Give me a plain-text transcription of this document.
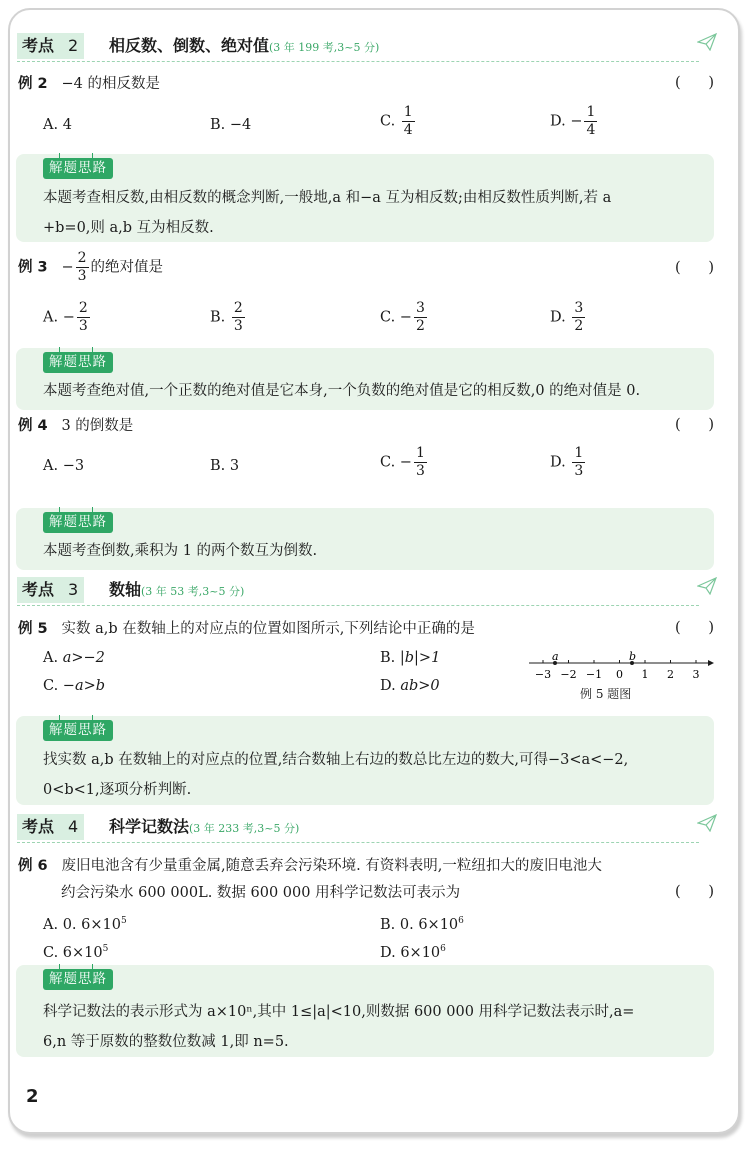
考点 2	相反数、倒数、绝对值(3 年 199 考,3~5 分)
例 2 −4 的相反数是	(      )
A. 4	B. −4	C. $\frac{1}{4}$	D. − $\frac{1}{4}$
解题思路
本题考查相反数,由相反数的概念判断,一般地,a 和−a 互为相反数;由相反数性质判断,若 a
+b=0,则 a,b 互为相反数.
例 $3 - \frac{2}{3}$ 的绝对值是	(      )
A. − $\frac{2}{3}$	B. $\frac{2}{3}$	C. − $\frac{3}{2}$	D. $\frac{3}{2}$
解题思路
本题考查绝对值,一个正数的绝对值是它本身,一个负数的绝对值是它的相反数,0 的绝对值是 0.
例 4 3 的倒数是	(      )
A. −3	B. 3	C. − $\frac{1}{3}$	D. $\frac{1}{3}$
解题思路
本题考查倒数,乘积为 1 的两个数互为倒数.
考点 3	数轴(3 年 53 考,3~5 分)
例 5 实数 a,b 在数轴上的对应点的位置如图所示,下列结论中正确的是	(      )
A. a>−2	B. |b|>1
C. −a>b	D. ab>0
−3 −2 −1 0 1 2 3
a	b
例 5 题图
解题思路
找实数 a,b 在数轴上的对应点的位置,结合数轴上右边的数总比左边的数大,可得−3<a<−2,
0<b<1,逐项分析判断.
考点 4	科学记数法(3 年 233 考,3~5 分)
例 6 废旧电池含有少量重金属,随意丢弃会污染环境. 有资料表明,一粒纽扣大的废旧电池大
约会污染水 600 000L. 数据 600 000 用科学记数法可表示为	(      )
A. 0. $6\times 10^5$	B. 0. $6\times 10^6$
C. $6\times 10^5$	D. $6\times 10^6$
解题思路
科学记数法的表示形式为 a×10ⁿ,其中 1≤|a|<10,则数据 600 000 用科学记数法表示时,a=
6,n 等于原数的整数位数减 1,即 n=5.
2
